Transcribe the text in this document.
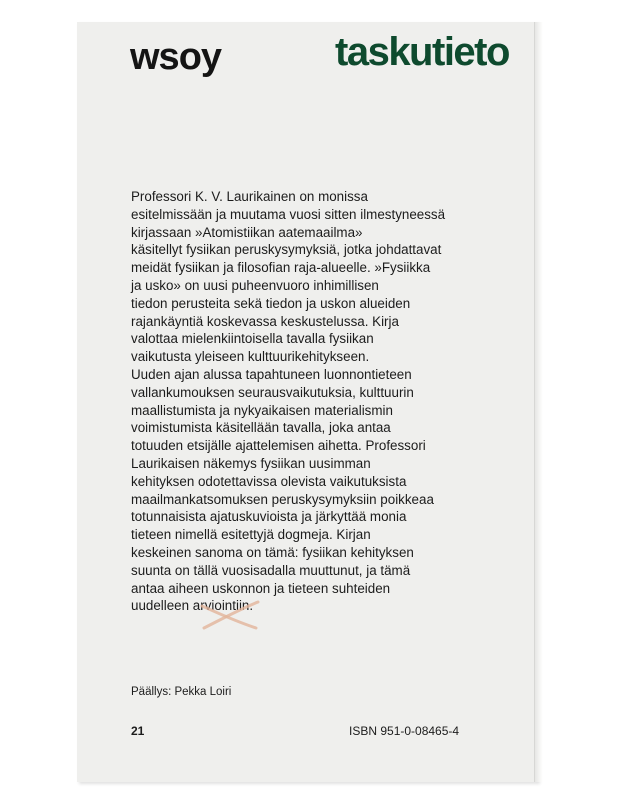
wsoy	taskutieto
Professori K. V. Laurikainen on monissa
esitelmissään ja muutama vuosi sitten ilmestyneessä
kirjassaan »Atomistiikan aatemaailma»
käsitellyt fysiikan peruskysymyksiä, jotka johdattavat
meidät fysiikan ja filosofian raja-alueelle. »Fysiikka
ja usko» on uusi puheenvuoro inhimillisen
tiedon perusteita sekä tiedon ja uskon alueiden
rajankäyntiä koskevassa keskustelussa. Kirja
valottaa mielenkiintoisella tavalla fysiikan
vaikutusta yleiseen kulttuurikehitykseen.
Uuden ajan alussa tapahtuneen luonnontieteen
vallankumouksen seurausvaikutuksia, kulttuurin
maallistumista ja nykyaikaisen materialismin
voimistumista käsitellään tavalla, joka antaa
totuuden etsijälle ajattelemisen aihetta. Professori
Laurikaisen näkemys fysiikan uusimman
kehityksen odotettavissa olevista vaikutuksista
maailmankatsomuksen peruskysymyksiin poikkeaa
totunnaisista ajatuskuvioista ja järkyttää monia
tieteen nimellä esitettyjä dogmeja. Kirjan
keskeinen sanoma on tämä: fysiikan kehityksen
suunta on tällä vuosisadalla muuttunut, ja tämä
antaa aiheen uskonnon ja tieteen suhteiden
uudelleen arviointiin.
Päällys: Pekka Loiri
21	ISBN 951-0-08465-4
